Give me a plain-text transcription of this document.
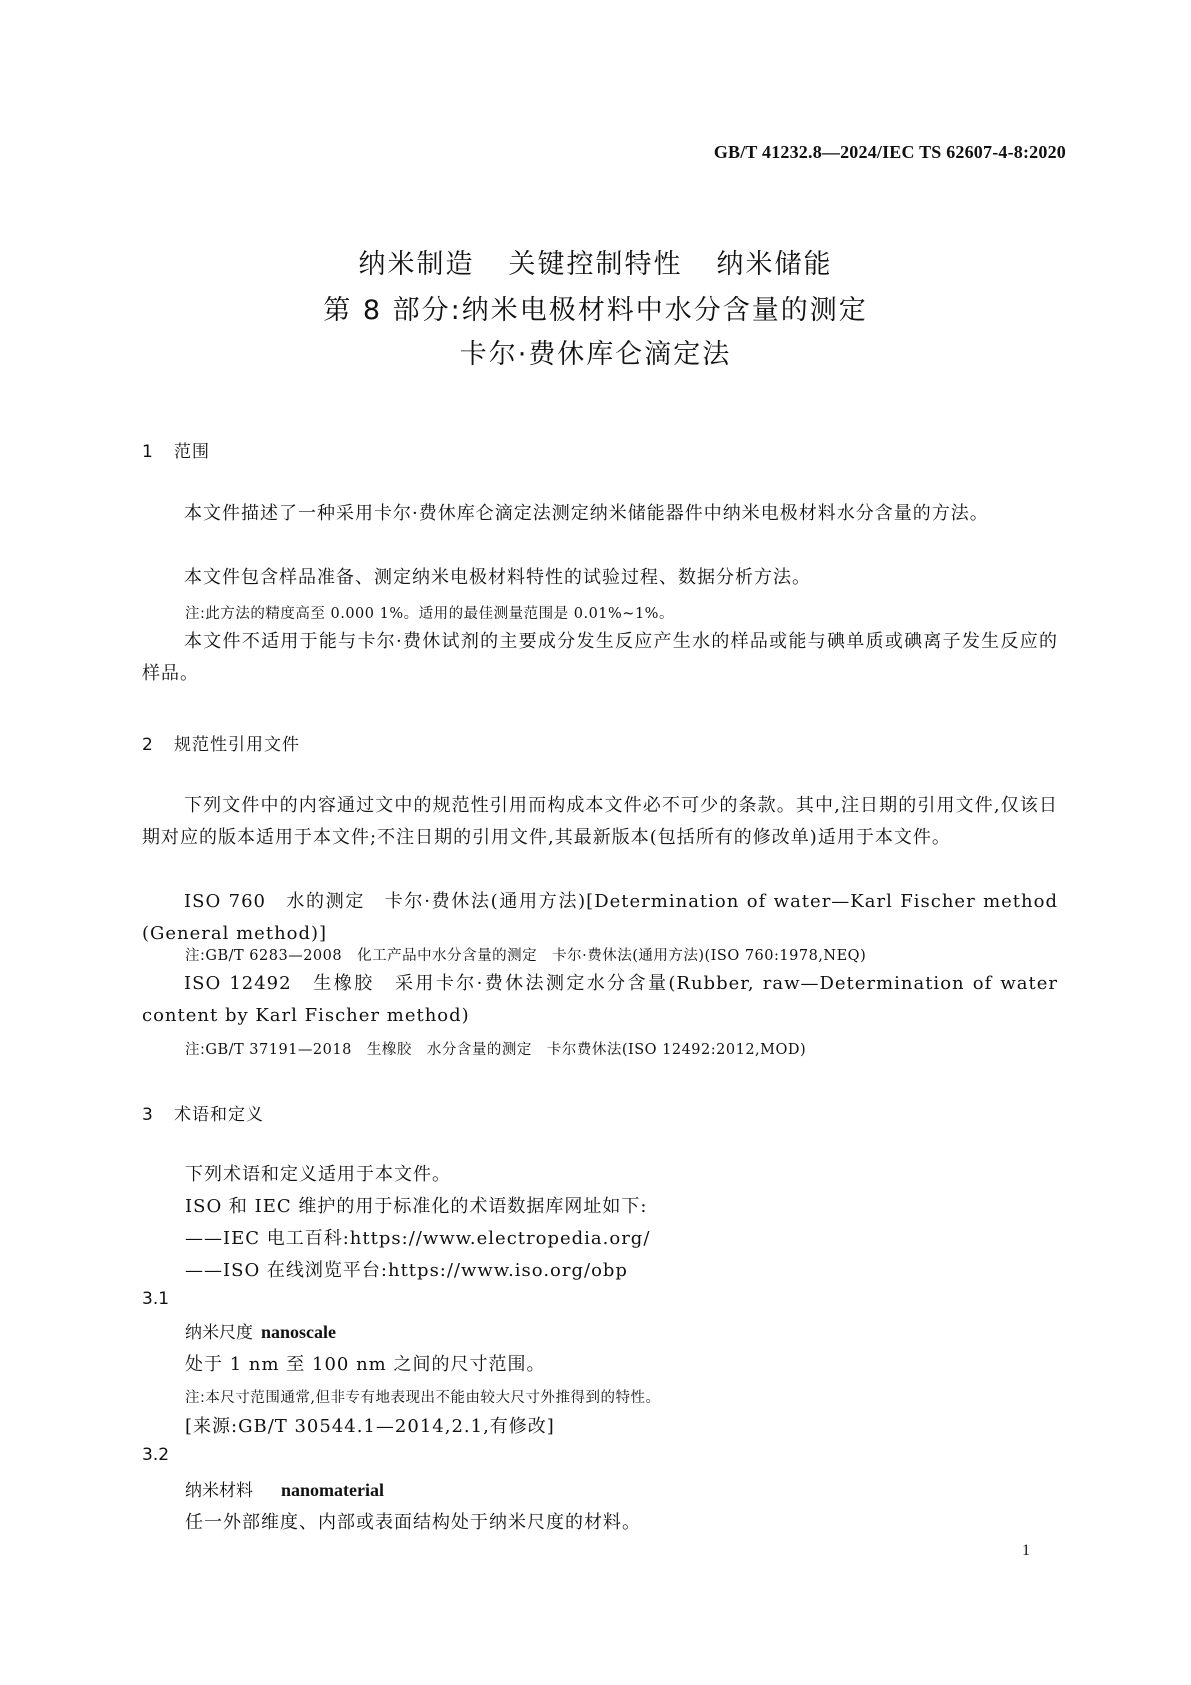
GB/T 41232.8—2024/IEC TS 62607-4-8:2020
纳米制造 关键控制特性 纳米储能
第 8 部分:纳米电极材料中水分含量的测定
卡尔·费休库仑滴定法
1 范围
本文件描述了一种采用卡尔·费休库仑滴定法测定纳米储能器件中纳米电极材料水分含量的方法。
本文件包含样品准备、测定纳米电极材料特性的试验过程、数据分析方法。
注:此方法的精度高至 0.000 1%。适用的最佳测量范围是 0.01%~1%。
本文件不适用于能与卡尔·费休试剂的主要成分发生反应产生水的样品或能与碘单质或碘离子发生反应的样品。
2 规范性引用文件
下列文件中的内容通过文中的规范性引用而构成本文件必不可少的条款。其中,注日期的引用文件,仅该日期对应的版本适用于本文件;不注日期的引用文件,其最新版本(包括所有的修改单)适用于本文件。
ISO 760　水的测定　卡尔·费休法(通用方法)[Determination of water—Karl Fischer method (General method)]
注:GB/T 6283—2008　化工产品中水分含量的测定　卡尔·费休法(通用方法)(ISO 760:1978,NEQ)
ISO 12492　生橡胶　采用卡尔·费休法测定水分含量(Rubber, raw—Determination of water content by Karl Fischer method)
注:GB/T 37191—2018　生橡胶　水分含量的测定　卡尔费休法(ISO 12492:2012,MOD)
3 术语和定义
下列术语和定义适用于本文件。
ISO 和 IEC 维护的用于标准化的术语数据库网址如下:
——IEC 电工百科:https://www.electropedia.org/
——ISO 在线浏览平台:https://www.iso.org/obp
3.1
纳米尺度 nanoscale
处于 1 nm 至 100 nm 之间的尺寸范围。
注:本尺寸范围通常,但非专有地表现出不能由较大尺寸外推得到的特性。
[来源:GB/T 30544.1—2014,2.1,有修改]
3.2
纳米材料 nanomaterial
任一外部维度、内部或表面结构处于纳米尺度的材料。
1
